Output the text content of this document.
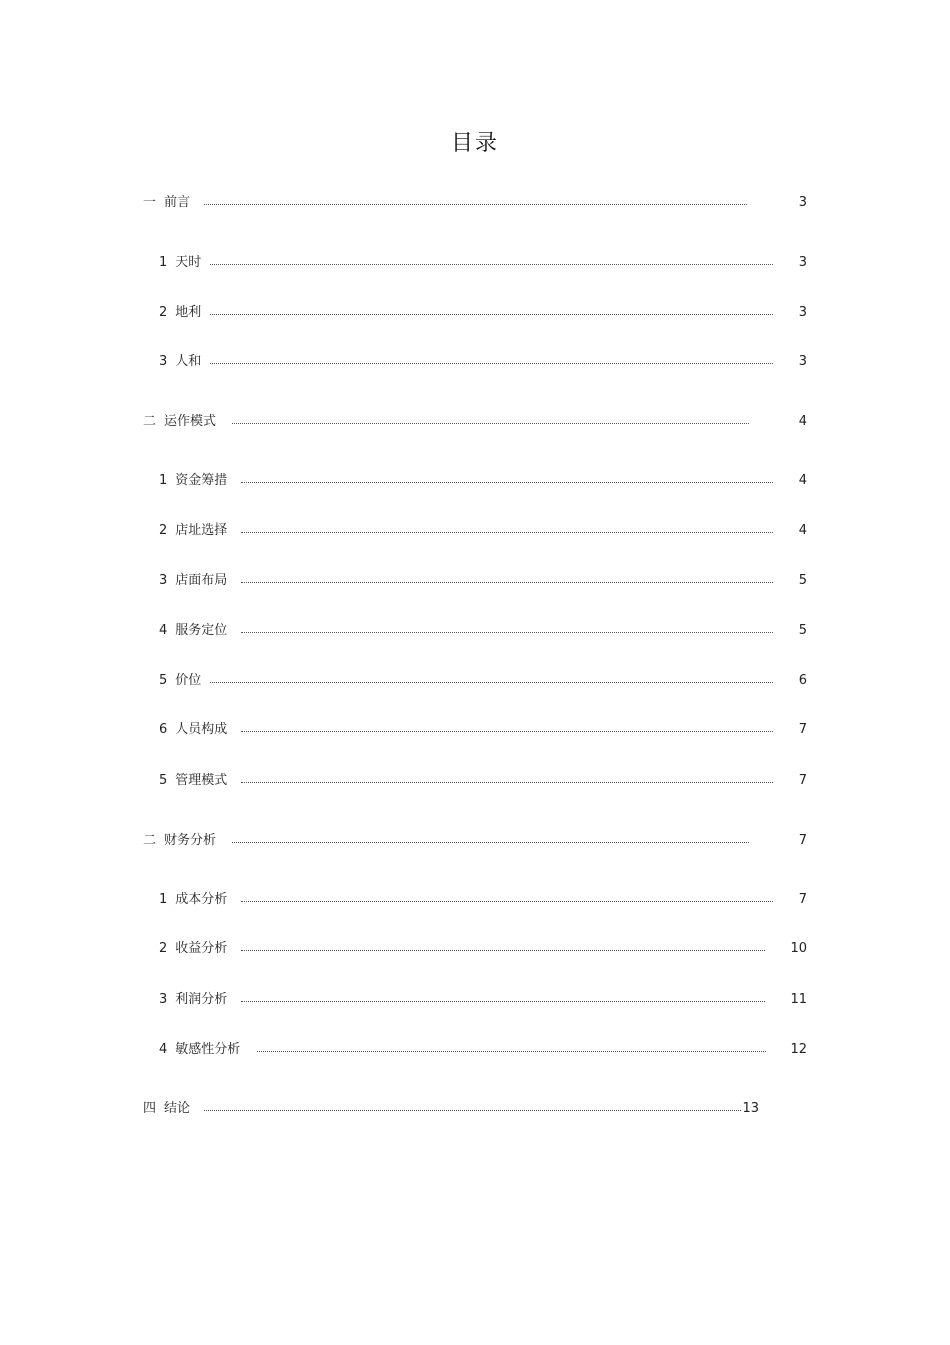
目录
一 前言	3
1 天时	3
2 地利	3
3 人和	3
二 运作模式	4
1 资金筹措	4
2 店址选择	4
3 店面布局	5
4 服务定位	5
5 价位	6
6 人员构成	7
5 管理模式	7
二 财务分析	7
1 成本分析	7
2 收益分析	10
3 利润分析	11
4 敏感性分析	12
四 结论	13
